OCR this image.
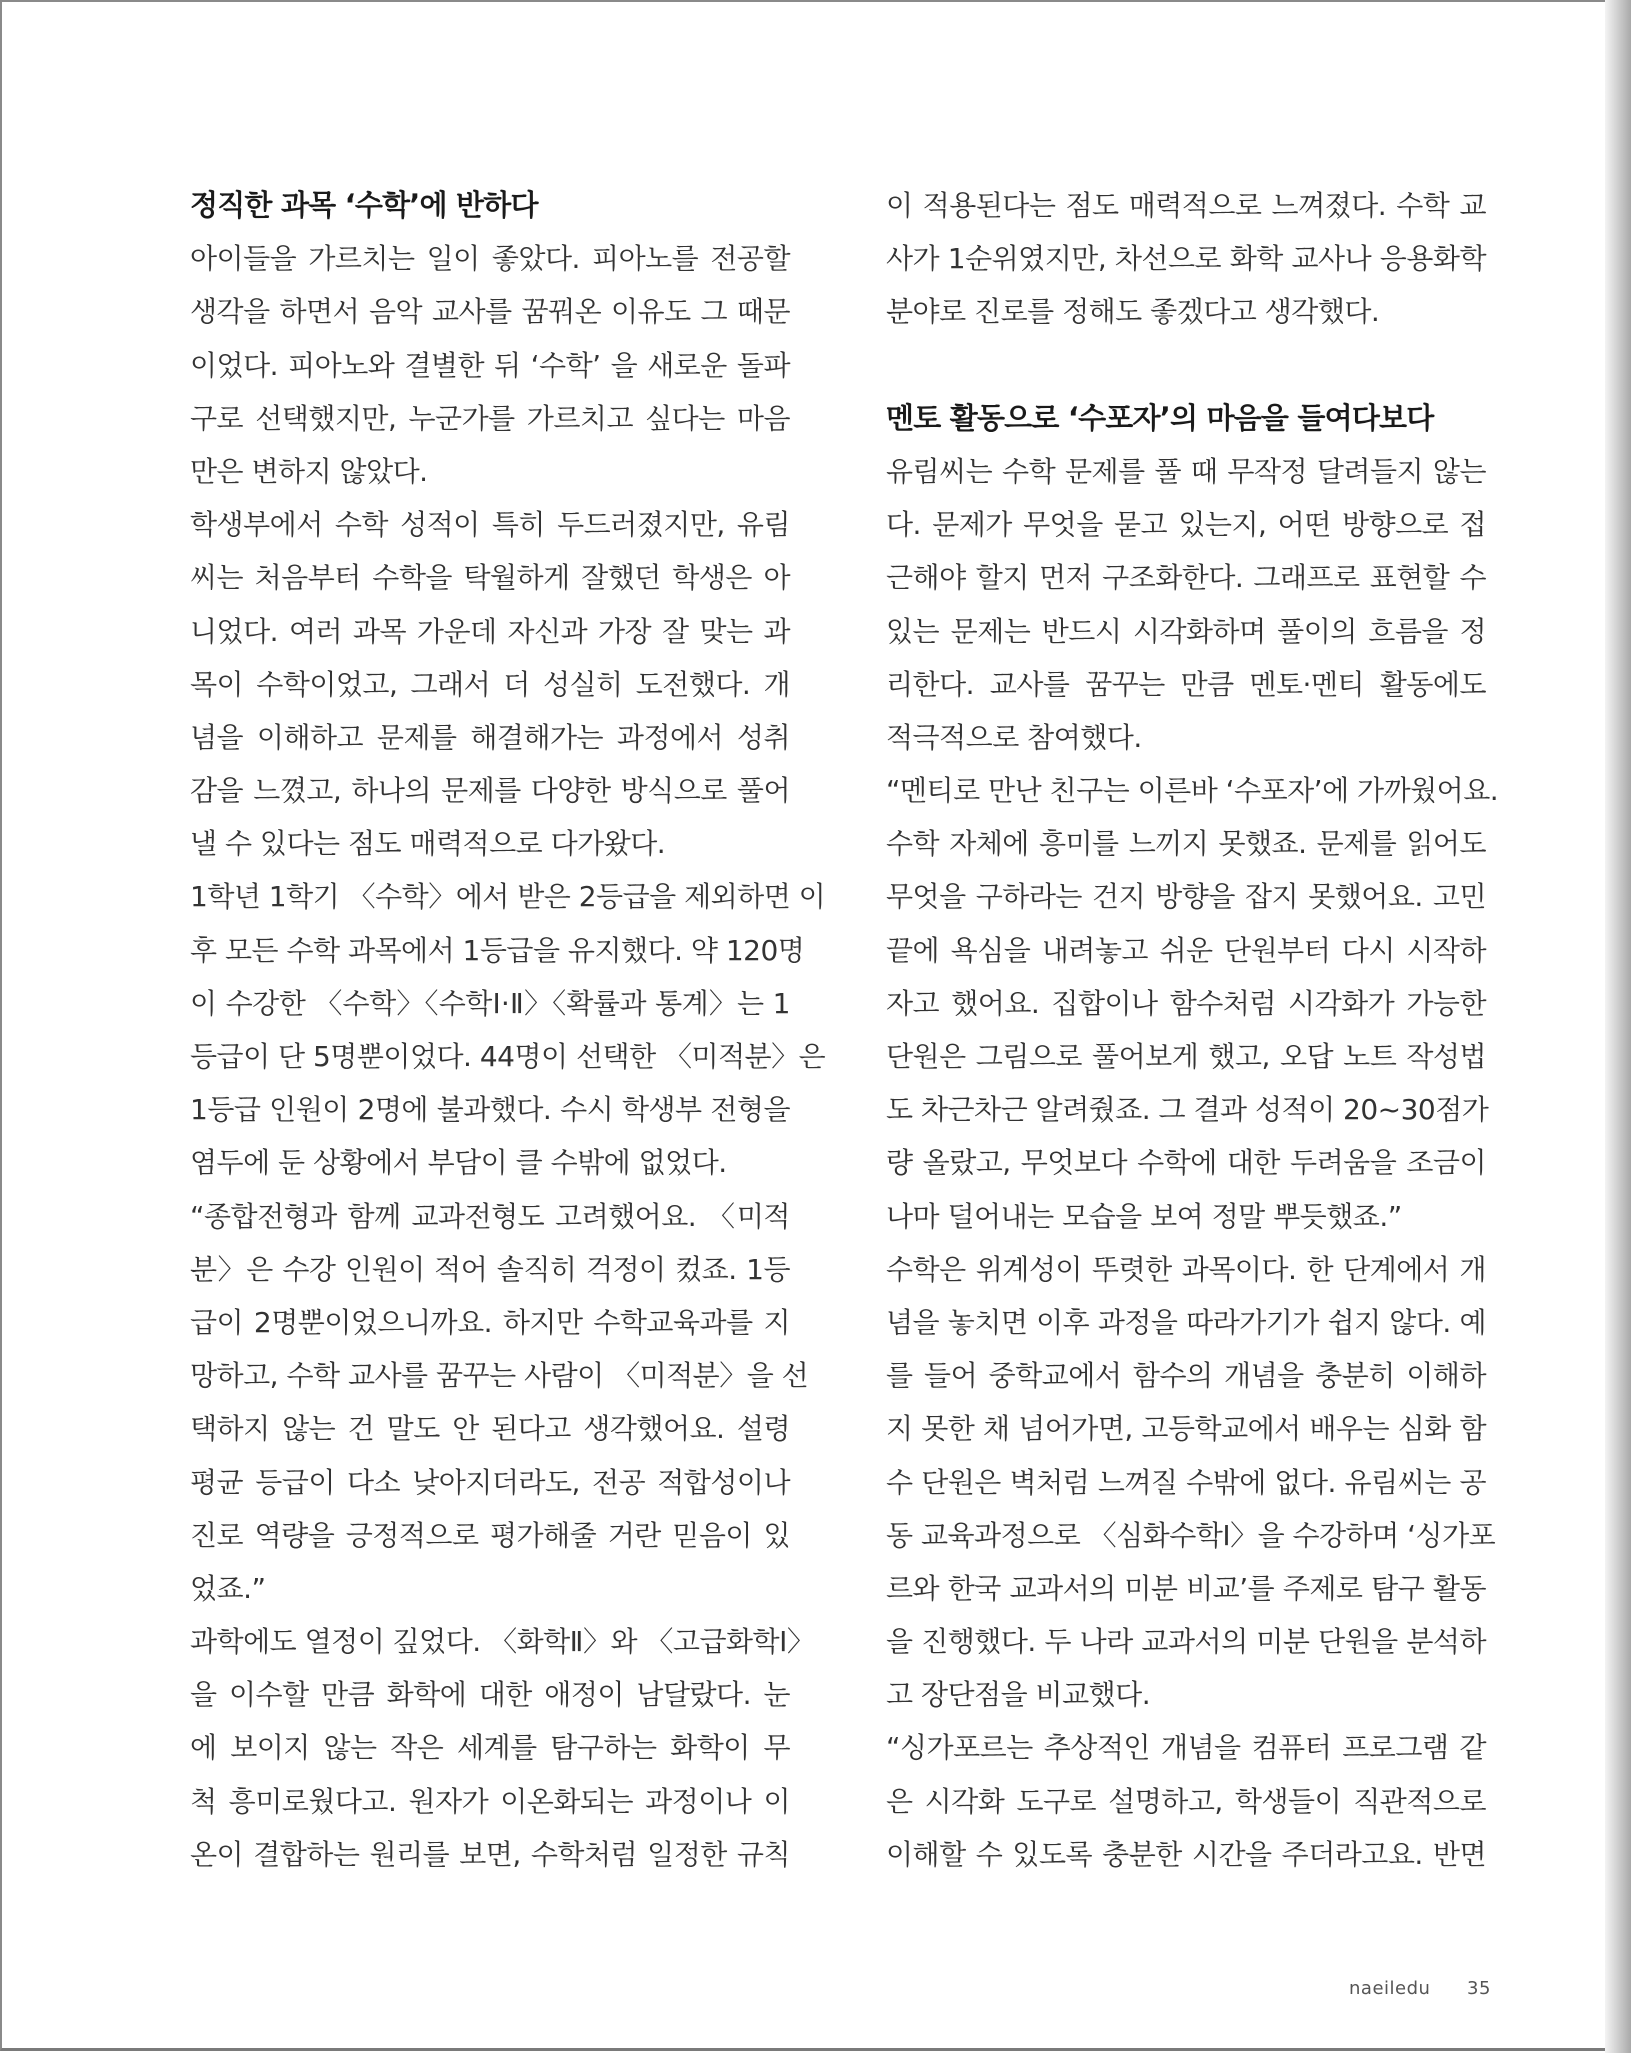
정직한 과목 ‘수학’에 반하다
아이들을 가르치는 일이 좋았다. 피아노를 전공할
생각을 하면서 음악 교사를 꿈꿔온 이유도 그 때문
이었다. 피아노와 결별한 뒤 ‘수학’ 을 새로운 돌파
구로 선택했지만, 누군가를 가르치고 싶다는 마음
만은 변하지 않았다.
학생부에서 수학 성적이 특히 두드러졌지만, 유림
씨는 처음부터 수학을 탁월하게 잘했던 학생은 아
니었다. 여러 과목 가운데 자신과 가장 잘 맞는 과
목이 수학이었고, 그래서 더 성실히 도전했다. 개
념을 이해하고 문제를 해결해가는 과정에서 성취
감을 느꼈고, 하나의 문제를 다양한 방식으로 풀어
낼 수 있다는 점도 매력적으로 다가왔다.
1학년 1학기 〈수학〉에서 받은 2등급을 제외하면 이
후 모든 수학 과목에서 1등급을 유지했다. 약 120명
이 수강한 〈수학〉〈수학Ⅰ·Ⅱ〉〈확률과 통계〉는 1
등급이 단 5명뿐이었다. 44명이 선택한 〈미적분〉은
1등급 인원이 2명에 불과했다. 수시 학생부 전형을
염두에 둔 상황에서 부담이 클 수밖에 없었다.
“종합전형과 함께 교과전형도 고려했어요. 〈미적
분〉은 수강 인원이 적어 솔직히 걱정이 컸죠. 1등
급이 2명뿐이었으니까요. 하지만 수학교육과를 지
망하고, 수학 교사를 꿈꾸는 사람이 〈미적분〉을 선
택하지 않는 건 말도 안 된다고 생각했어요. 설령
평균 등급이 다소 낮아지더라도, 전공 적합성이나
진로 역량을 긍정적으로 평가해줄 거란 믿음이 있
었죠.”
과학에도 열정이 깊었다. 〈화학Ⅱ〉와 〈고급화학Ⅰ〉
을 이수할 만큼 화학에 대한 애정이 남달랐다. 눈
에 보이지 않는 작은 세계를 탐구하는 화학이 무
척 흥미로웠다고. 원자가 이온화되는 과정이나 이
온이 결합하는 원리를 보면, 수학처럼 일정한 규칙
이 적용된다는 점도 매력적으로 느껴졌다. 수학 교
사가 1순위였지만, 차선으로 화학 교사나 응용화학
분야로 진로를 정해도 좋겠다고 생각했다.
멘토 활동으로 ‘수포자’의 마음을 들여다보다
유림씨는 수학 문제를 풀 때 무작정 달려들지 않는
다. 문제가 무엇을 묻고 있는지, 어떤 방향으로 접
근해야 할지 먼저 구조화한다. 그래프로 표현할 수
있는 문제는 반드시 시각화하며 풀이의 흐름을 정
리한다. 교사를 꿈꾸는 만큼 멘토·멘티 활동에도
적극적으로 참여했다.
“멘티로 만난 친구는 이른바 ‘수포자’에 가까웠어요.
수학 자체에 흥미를 느끼지 못했죠. 문제를 읽어도
무엇을 구하라는 건지 방향을 잡지 못했어요. 고민
끝에 욕심을 내려놓고 쉬운 단원부터 다시 시작하
자고 했어요. 집합이나 함수처럼 시각화가 가능한
단원은 그림으로 풀어보게 했고, 오답 노트 작성법
도 차근차근 알려줬죠. 그 결과 성적이 20~30점가
량 올랐고, 무엇보다 수학에 대한 두려움을 조금이
나마 덜어내는 모습을 보여 정말 뿌듯했죠.”
수학은 위계성이 뚜렷한 과목이다. 한 단계에서 개
념을 놓치면 이후 과정을 따라가기가 쉽지 않다. 예
를 들어 중학교에서 함수의 개념을 충분히 이해하
지 못한 채 넘어가면, 고등학교에서 배우는 심화 함
수 단원은 벽처럼 느껴질 수밖에 없다. 유림씨는 공
동 교육과정으로 〈심화수학Ⅰ〉을 수강하며 ‘싱가포
르와 한국 교과서의 미분 비교’를 주제로 탐구 활동
을 진행했다. 두 나라 교과서의 미분 단원을 분석하
고 장단점을 비교했다.
“싱가포르는 추상적인 개념을 컴퓨터 프로그램 같
은 시각화 도구로 설명하고, 학생들이 직관적으로
이해할 수 있도록 충분한 시간을 주더라고요. 반면
naeiledu 35
